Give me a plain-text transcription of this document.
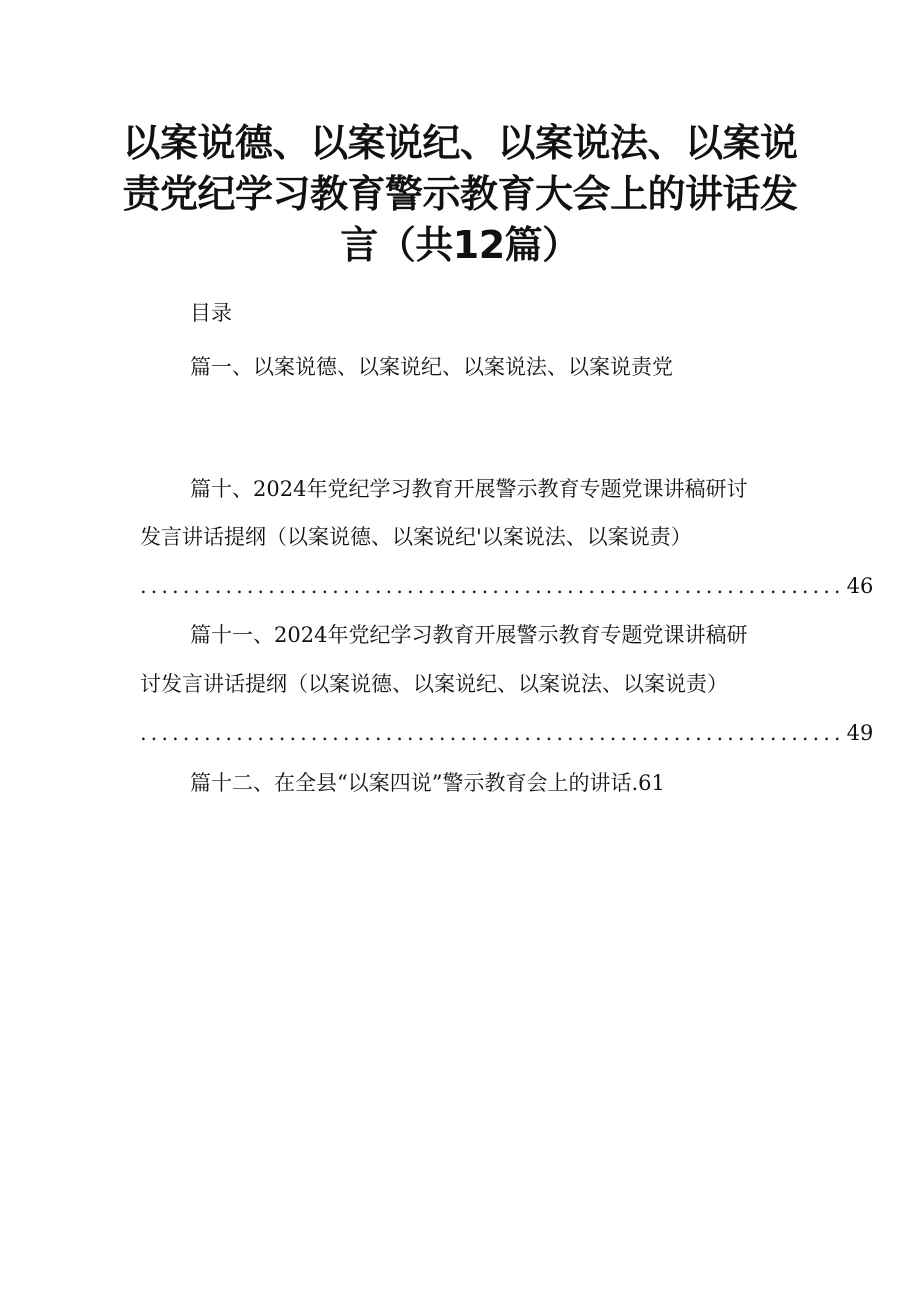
以案说德、以案说纪、以案说法、以案说
责党纪学习教育警示教育大会上的讲话发
言（共12篇）
目录
篇一、以案说德、以案说纪、以案说法、以案说责党
篇十、2024年党纪学习教育开展警示教育专题党课讲稿研讨
发言讲话提纲（以案说德、以案说纪'以案说法、以案说责）
.................................................................. 46
篇十一、2024年党纪学习教育开展警示教育专题党课讲稿研
讨发言讲话提纲（以案说德、以案说纪、以案说法、以案说责）
.................................................................. 49
篇十二、在全县“以案四说”警示教育会上的讲话.61
